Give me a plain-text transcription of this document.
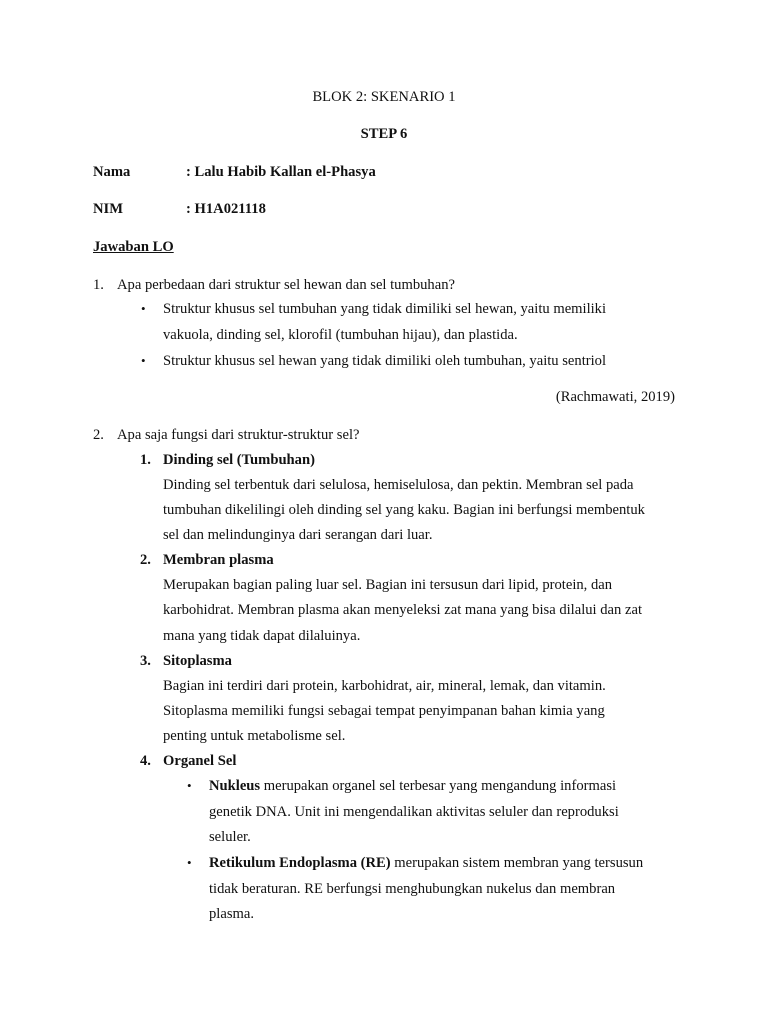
BLOK 2: SKENARIO 1
STEP 6
Nama	: Lalu Habib Kallan el-Phasya
NIM	: H1A021118
Jawaban LO
1. Apa perbedaan dari struktur sel hewan dan sel tumbuhan?
• Struktur khusus sel tumbuhan yang tidak dimiliki sel hewan, yaitu memiliki
vakuola, dinding sel, klorofil (tumbuhan hijau), dan plastida.
• Struktur khusus sel hewan yang tidak dimiliki oleh tumbuhan, yaitu sentriol
(Rachmawati, 2019)
2. Apa saja fungsi dari struktur-struktur sel?
1. Dinding sel (Tumbuhan)
Dinding sel terbentuk dari selulosa, hemiselulosa, dan pektin. Membran sel pada
tumbuhan dikelilingi oleh dinding sel yang kaku. Bagian ini berfungsi membentuk
sel dan melindunginya dari serangan dari luar.
2. Membran plasma
Merupakan bagian paling luar sel. Bagian ini tersusun dari lipid, protein, dan
karbohidrat. Membran plasma akan menyeleksi zat mana yang bisa dilalui dan zat
mana yang tidak dapat dilaluinya.
3. Sitoplasma
Bagian ini terdiri dari protein, karbohidrat, air, mineral, lemak, dan vitamin.
Sitoplasma memiliki fungsi sebagai tempat penyimpanan bahan kimia yang
penting untuk metabolisme sel.
4. Organel Sel
• Nukleus merupakan organel sel terbesar yang mengandung informasi
genetik DNA. Unit ini mengendalikan aktivitas seluler dan reproduksi
seluler.
• Retikulum Endoplasma (RE) merupakan sistem membran yang tersusun
tidak beraturan. RE berfungsi menghubungkan nukelus dan membran
plasma.
